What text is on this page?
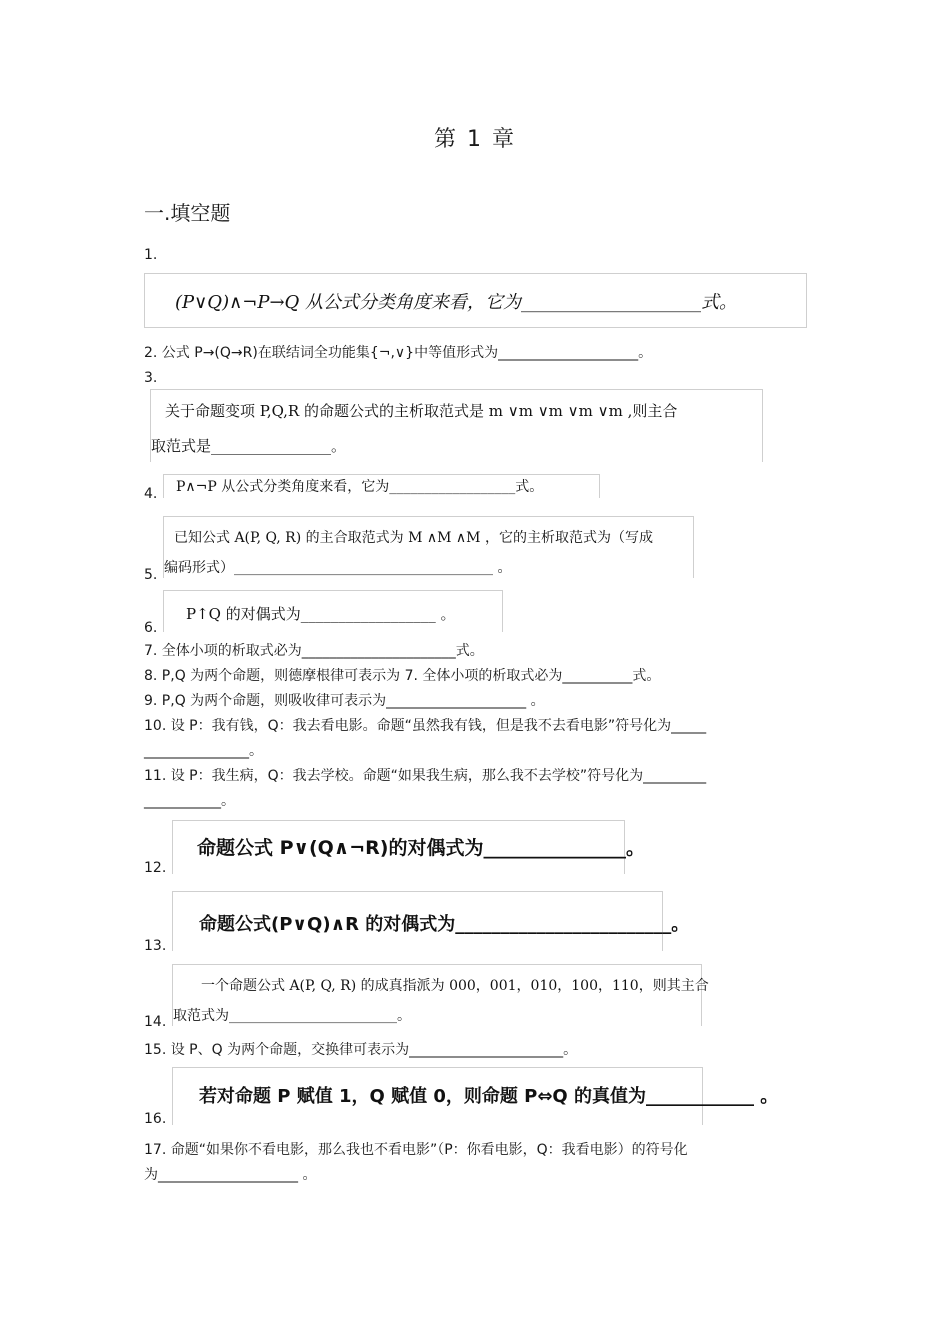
第 1 章
一.填空题
1.
(P∨Q)∧¬P→Q 从公式分类角度来看，它为____________________式。
2. 公式 P→(Q→R)在联结词全功能集{¬,∨}中等值形式为____________________。
3.
关于命题变项 P,Q,R 的命题公式的主析取范式是 m ∨m ∨m ∨m ∨m ,则主合
取范式是________________。
4. P∧¬P 从公式分类角度来看，它为__________________式。
5.
已知公式 A(P, Q, R) 的主合取范式为 M ∧M ∧M ，它的主析取范式为（写成
编码形式）_____________________________________ 。
6.
P↑Q 的对偶式为__________________ 。
7. 全体小项的析取式必为______________________式。
8. P,Q 为两个命题，则德摩根律可表示为 7. 全体小项的析取式必为__________式。
9. P,Q 为两个命题，则吸收律可表示为____________________ 。
10. 设 P：我有钱，Q：我去看电影。命题“虽然我有钱，但是我不去看电影”符号化为_____
_______________。
11. 设 P：我生病，Q：我去学校。命题“如果我生病，那么我不去学校”符号化为_________
___________。
12.
命题公式 P∨(Q∧¬R)的对偶式为_______________。
13.
命题公式(P∨Q)∧R 的对偶式为________________________。
14.
一个命题公式 A(P, Q, R) 的成真指派为 000，001，010，100，110，则其主合
取范式为________________________。
15. 设 P、Q 为两个命题，交换律可表示为______________________。
16.
若对命题 P 赋值 1，Q 赋值 0，则命题 P⇔Q 的真值为____________ 。
17. 命题“如果你不看电影，那么我也不看电影”（P：你看电影，Q：我看电影）的符号化
为____________________ 。
